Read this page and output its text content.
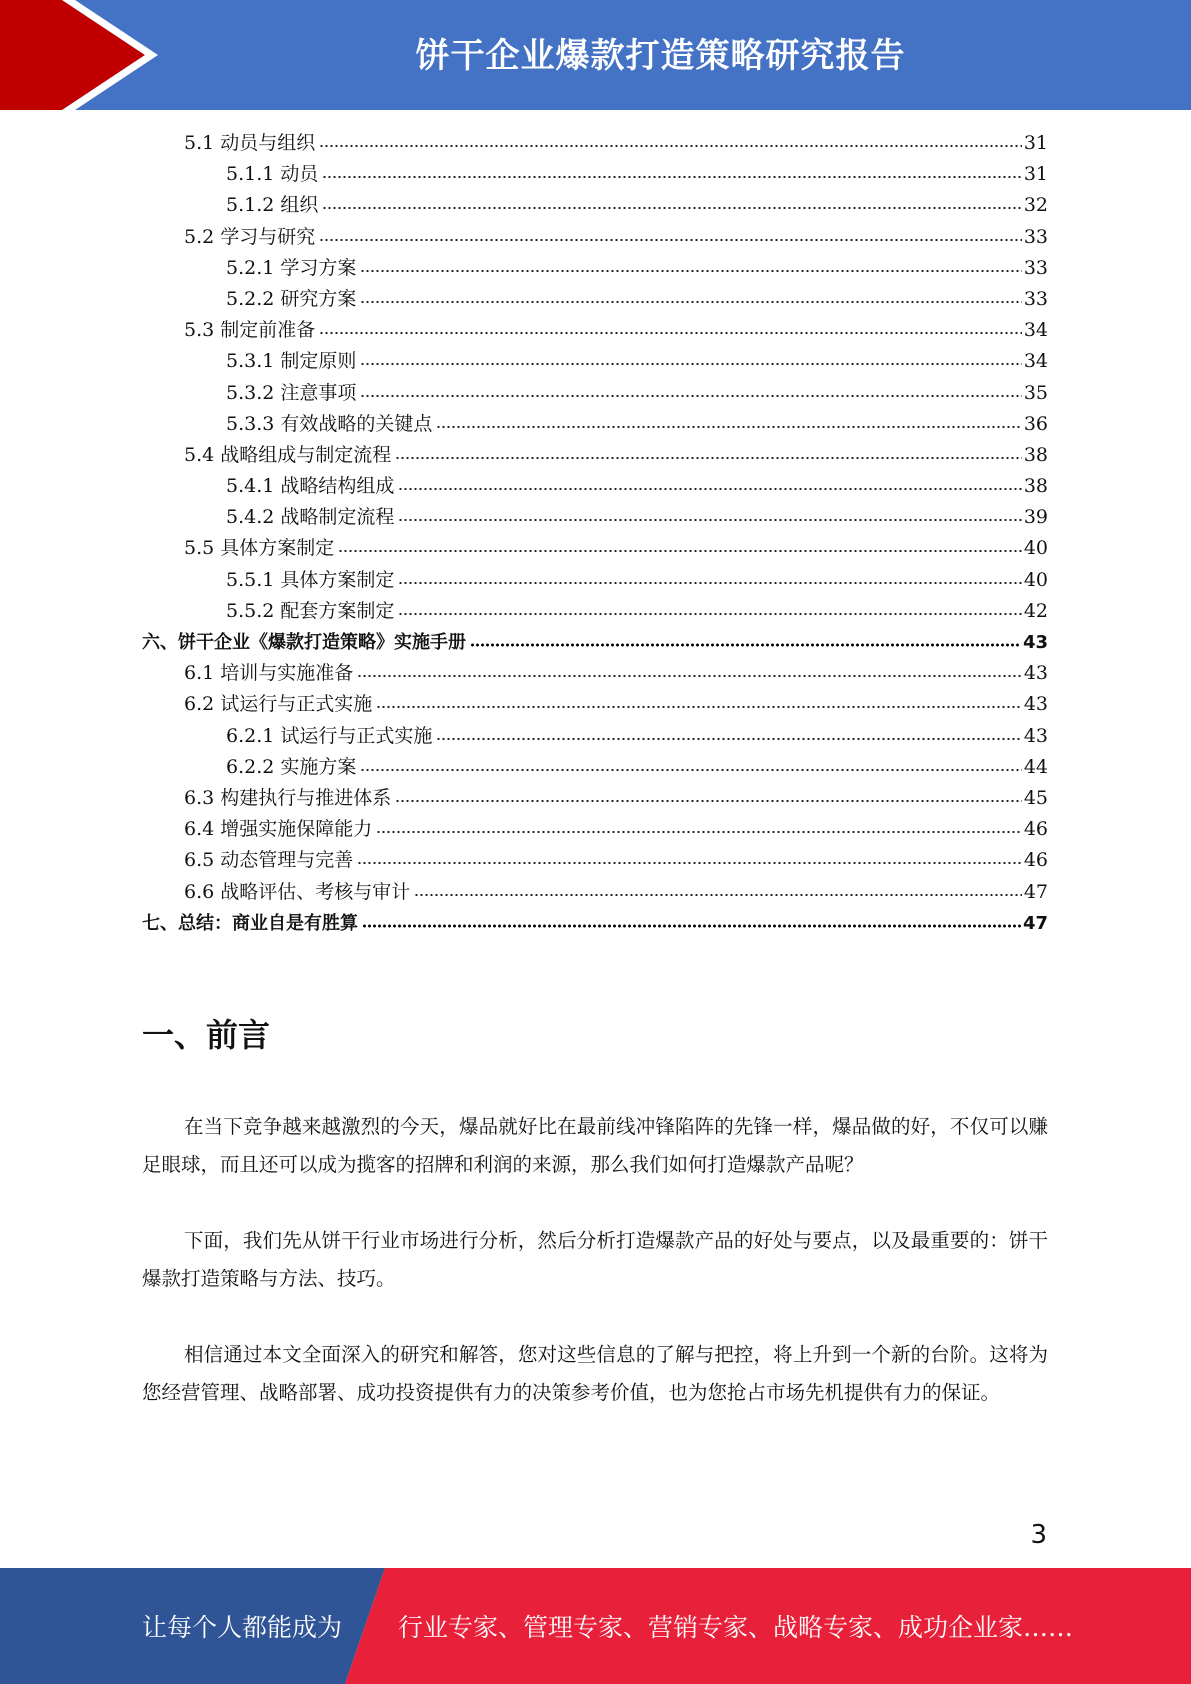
饼干企业爆款打造策略研究报告
5.1 动员与组织	31
5.1.1 动员	31
5.1.2 组织	32
5.2 学习与研究	33
5.2.1 学习方案	33
5.2.2 研究方案	33
5.3 制定前准备	34
5.3.1 制定原则	34
5.3.2 注意事项	35
5.3.3 有效战略的关键点	36
5.4 战略组成与制定流程	38
5.4.1 战略结构组成	38
5.4.2 战略制定流程	39
5.5 具体方案制定	40
5.5.1 具体方案制定	40
5.5.2 配套方案制定	42
六、饼干企业《爆款打造策略》实施手册	43
6.1 培训与实施准备	43
6.2 试运行与正式实施	43
6.2.1 试运行与正式实施	43
6.2.2 实施方案	44
6.3 构建执行与推进体系	45
6.4 增强实施保障能力	46
6.5 动态管理与完善	46
6.6 战略评估、考核与审计	47
七、总结：商业自是有胜算	47
一、前言

在当下竞争越来越激烈的今天，爆品就好比在最前线冲锋陷阵的先锋一样，爆品做的好，不仅可以赚足眼球，而且还可以成为揽客的招牌和利润的来源，那么我们如何打造爆款产品呢？

下面，我们先从饼干行业市场进行分析，然后分析打造爆款产品的好处与要点，以及最重要的：饼干爆款打造策略与方法、技巧。

相信通过本文全面深入的研究和解答，您对这些信息的了解与把控，将上升到一个新的台阶。这将为您经营管理、战略部署、成功投资提供有力的决策参考价值，也为您抢占市场先机提供有力的保证。

3
让每个人都能成为 行业专家、管理专家、营销专家、战略专家、成功企业家……
